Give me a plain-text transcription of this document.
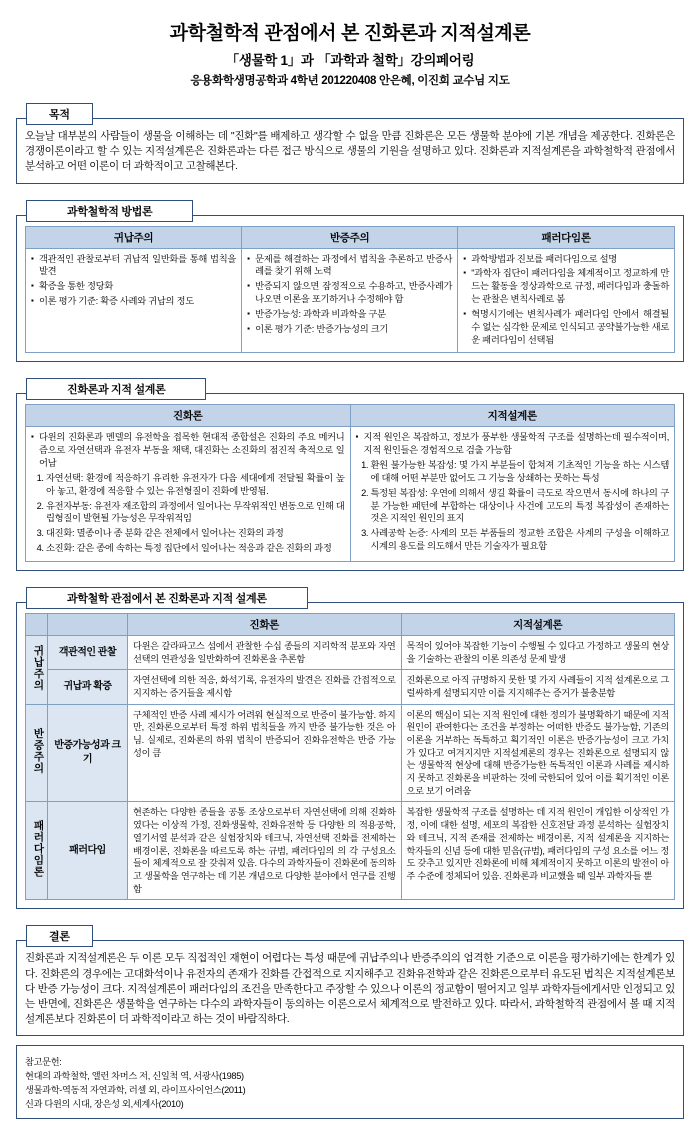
과학철학적 관점에서 본 진화론과 지적설계론
「생물학 1」과 「과학과 철학」강의페어링
응용화학생명공학과 4학년 201220408 안은혜, 이진희 교수님 지도
목적

오늘날 대부분의 사람들이 생물을 이해하는 데 "진화"를 배제하고 생각할 수 없을 만큼 진화론은 모든 생물학 분야에 기본 개념을 제공한다. 진화론은 경쟁이론이라고 할 수 있는 지적설계론은 진화론과는 다른 접근 방식으로 생물의 기원을 설명하고 있다. 진화론과 지적설계론을 과학철학적 관점에서 분석하고 어떤 이론이 더 과학적이고 고찰해본다.

과학철학적 방법론
귀납주의	반증주의	패러다임론

▪ 객관적인 관찰로부터 귀납적 일반화를 통해 법칙을 발견
▪ 확증을 통한 정당화
▪ 이론 평가 기준: 확증 사례와 귀납의 정도

▪ 문제를 해결하는 과정에서 법칙을 추론하고 반증사례를 찾기 위해 노력
▪ 반증되지 않으면 잠정적으로 수용하고, 반증사례가 나오면 이론을 포기하거나 수정해야 함
▪ 반증가능성: 과학과 비과학을 구분
▪ 이론 평가 기준: 반증가능성의 크기

▪ 과학방법과 진보를 패러다임으로 설명
▪ "과학자 집단이 패러다임을 체계적이고 정교하게 만드는 활동을 정상과학으로 규정, 패러다임과 충돌하는 관찰은 변칙사례로 봄
▪ 혁명시기에는 변칙사례가 패러다임 안에서 해결될 수 없는 심각한 문제로 인식되고 공약불가능한 새로운 패러다임이 선택됨
진화론과 지적 설계론
진화론	지적설계론

▪ 다윈의 진화론과 멘델의 유전학을 접목한 현대적 종합설은 진화의 주요 메커니즘으로 자연선택과 유전자 부동을 채택, 대진화는 소진화의 점진적 축적으로 일어남
1. 자연선택: 환경에 적응하기 유리한 유전자가 다음 세대에게 전달될 확률이 높아 놓고, 환경에 적응할 수 있는 유전형질이 진화에 반영됨.
2. 유전자부동: 유전자 재조합의 과정에서 일어나는 무작위적인 변동으로 인해 대립형질이 발현될 가능성은 무작위적임
3. 대진화: 멸종이나 종 분화 같은 전체에서 일어나는 진화의 과정
4. 소진화: 같은 종에 속하는 특정 집단에서 일어나는 적응과 같은 진화의 과정

▪ 지적 원인은 복잡하고, 정보가 풍부한 생물학적 구조를 설명하는데 필수적이며, 지적 원인들은 경험적으로 검출 가능함
1. 환원 불가능한 복잡성: 몇 가지 부분들이 합쳐져 기초적인 기능을 하는 시스템에 대해 어떤 부분만 없어도 그 기능을 상쇄하는 못하는 특성
2. 특정된 복잡성: 우연에 의해서 생길 확률이 극도로 작으면서 동시에 하나의 구분 가능한 패턴에 부합하는 대상이나 사건에 고도의 특정 복잡성이 존재하는 것은 지적인 원인의 표지
3. 사례공학 논증: 사계의 모든 부품들의 정교한 조합은 사계의 구성을 이해하고 시계의 용도를 의도해서 만든 기술자가 필요함
과학철학 관점에서 본 진화론과 지적 설계론
		진화론	지적설계론
귀납주의	객관적인 관찰	다윈은 갈라파고스 섬에서 관찰한 수십 종들의 지리학적 분포와 자연선택의 연관성을 일반화하여 진화론을 추론함	목적이 있어야 복잡한 기능이 수행될 수 있다고 가정하고 생물의 현상을 기술하는 관찰의 이론 의존성 문제 발생
	귀납과 확증	자연선택에 의한 적응, 화석기록, 유전자의 발견은 진화를 간접적으로 지지하는 증거들을 제시함	진화론으로 아직 규명하지 못한 몇 가지 사례들이 지적 설계론으로 그럴싸하게 설명되지만 이를 지지해주는 증거가 불충분함
반증주의	반증가능성과 크기	구체적인 반증 사례 제시가 어려워 현실적으로 반증이 불가능함. 하지만, 진화론으로부터 특정 하위 법칙들을 까지 반증 불가능한 것은 아님. 실제로, 진화론의 하위 법칙이 반증되어 진화유전학은 반증 가능성이 큼	이론의 핵심이 되는 지적 원인에 대한 정의가 불명확하기 때문에 지적 원인이 관여한다는 조건을 부정하는 어떠한 반증도 불가능함, 기존의 이론을 거부하는 독특하고 획기적인 이론은 반증가능성이 크고 가치가 있다고 여겨지지만 지적설계론의 경우는 진화론으로 설명되지 않는 생물학적 현상에 대해 반증가능한 독특적인 이론과 사례를 제시하지 못하고 진화론을 비판하는 것에 국한되어 있어 이를 획기적인 이론으로 보기 어려움
패러다임론	패러다임	현존하는 다양한 종들을 공통 조상으로부터 자연선택에 의해 진화하였다는 이상적 가정, 진화생물학, 진화유전학 등 다양한 의 적용공학, 열기서열 분석과 같은 실험장치와 테크닉, 자연선택 진화를 전제하는 배경이론, 진화론을 따르도록 하는 규범, 패러다임의 의 각 구성요소들이 체계적으로 잘 갖춰져 있음. 다수의 과학자들이 진화론에 동의하고 생물학을 연구하는 데 기본 개념으로 다양한 분야에서 연구를 진행함	복잡한 생물학적 구조를 설명하는 데 지적 원인이 개입한 이상적인 가정, 이에 대한 설명, 세포의 복잡한 신호전달 과정 분석하는 실험장치와 테크닉, 지적 존재를 전제하는 배경이론, 지적 설계론을 지지하는 학자들의 신념 등에 대한 믿음(규범), 패러다임의 구성 요소를 어느 정도 갖추고 있지만 진화론에 비해 체계적이지 못하고 이론의 발전이 아주 수준에 정체되어 있음. 진화론과 비교했을 때 일부 과학자들 뿐
결론

진화론과 지적설계론은 두 이론 모두 직접적인 재현이 어렵다는 특성 때문에 귀납주의나 반증주의의 엄격한 기준으로 이론을 평가하기에는 한계가 있다. 진화론의 경우에는 고대화석이나 유전자의 존재가 진화를 간접적으로 지지해주고 진화유전학과 같은 진화론으로부터 유도된 법칙은 지적설계론보다 반증 가능성이 크다. 지적설계론이 패러다임의 조건을 만족한다고 주장할 수 있으나 이론의 정교함이 떨어지고 일부 과학자들에게서만 인정되고 있는 반면에, 진화론은 생물학을 연구하는 다수의 과학자들이 동의하는 이론으로서 체계적으로 발전하고 있다. 따라서, 과학철학적 관점에서 볼 때 지적설계론보다 진화론이 더 과학적이라고 하는 것이 바람직하다.

참고문헌:
현대의 과학철학, 앨런 차머스 저, 신일척 역, 서광사(1985)
생물과학-역동적 자연과학, 러셀 외, 라이프사이언스(2011)
신과 다윈의 시대, 장은성 외,세계사(2010)
